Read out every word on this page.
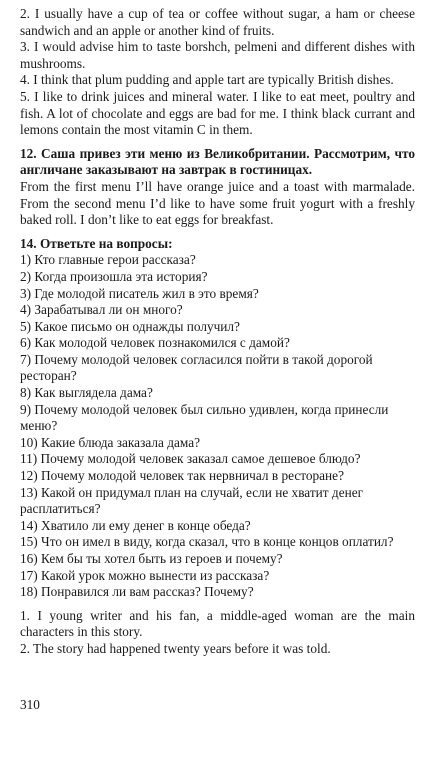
2. I usually have a cup of tea or coffee without sugar, a ham or cheese sandwich and an apple or another kind of fruits.

3. I would advise him to taste borshch, pelmeni and different dishes with mushrooms.

4. I think that plum pudding and apple tart are typically British dishes.

5. I like to drink juices and mineral water. I like to eat meet, poultry and fish. A lot of chocolate and eggs are bad for me. I think black currant and lemons contain the most vitamin C in them.

12. Саша привез эти меню из Великобритании. Рассмотрим, что англичане заказывают на завтрак в гостиницах.

From the first menu I’ll have orange juice and a toast with marmalade. From the second menu I’d like to have some fruit yogurt with a freshly baked roll. I don’t like to eat eggs for breakfast.

14. Ответьте на вопросы:

1) Кто главные герои рассказа?
2) Когда произошла эта история?
3) Где молодой писатель жил в это время?
4) Зарабатывал ли он много?
5) Какое письмо он однажды получил?
6) Как молодой человек познакомился с дамой?
7) Почему молодой человек согласился пойти в такой дорогой ресторан?
8) Как выглядела дама?
9) Почему молодой человек был сильно удивлен, когда принесли меню?
10) Какие блюда заказала дама?
11) Почему молодой человек заказал самое дешевое блюдо?
12) Почему молодой человек так нервничал в ресторане?
13) Какой он придумал план на случай, если не хватит денег расплатиться?
14) Хватило ли ему денег в конце обеда?
15) Что он имел в виду, когда сказал, что в конце концов оплатил?
16) Кем бы ты хотел быть из героев и почему?
17) Какой урок можно вынести из рассказа?
18) Понравился ли вам рассказ? Почему?

1. I young writer and his fan, a middle-aged woman are the main characters in this story.

2. The story had happened twenty years before it was told.

310
